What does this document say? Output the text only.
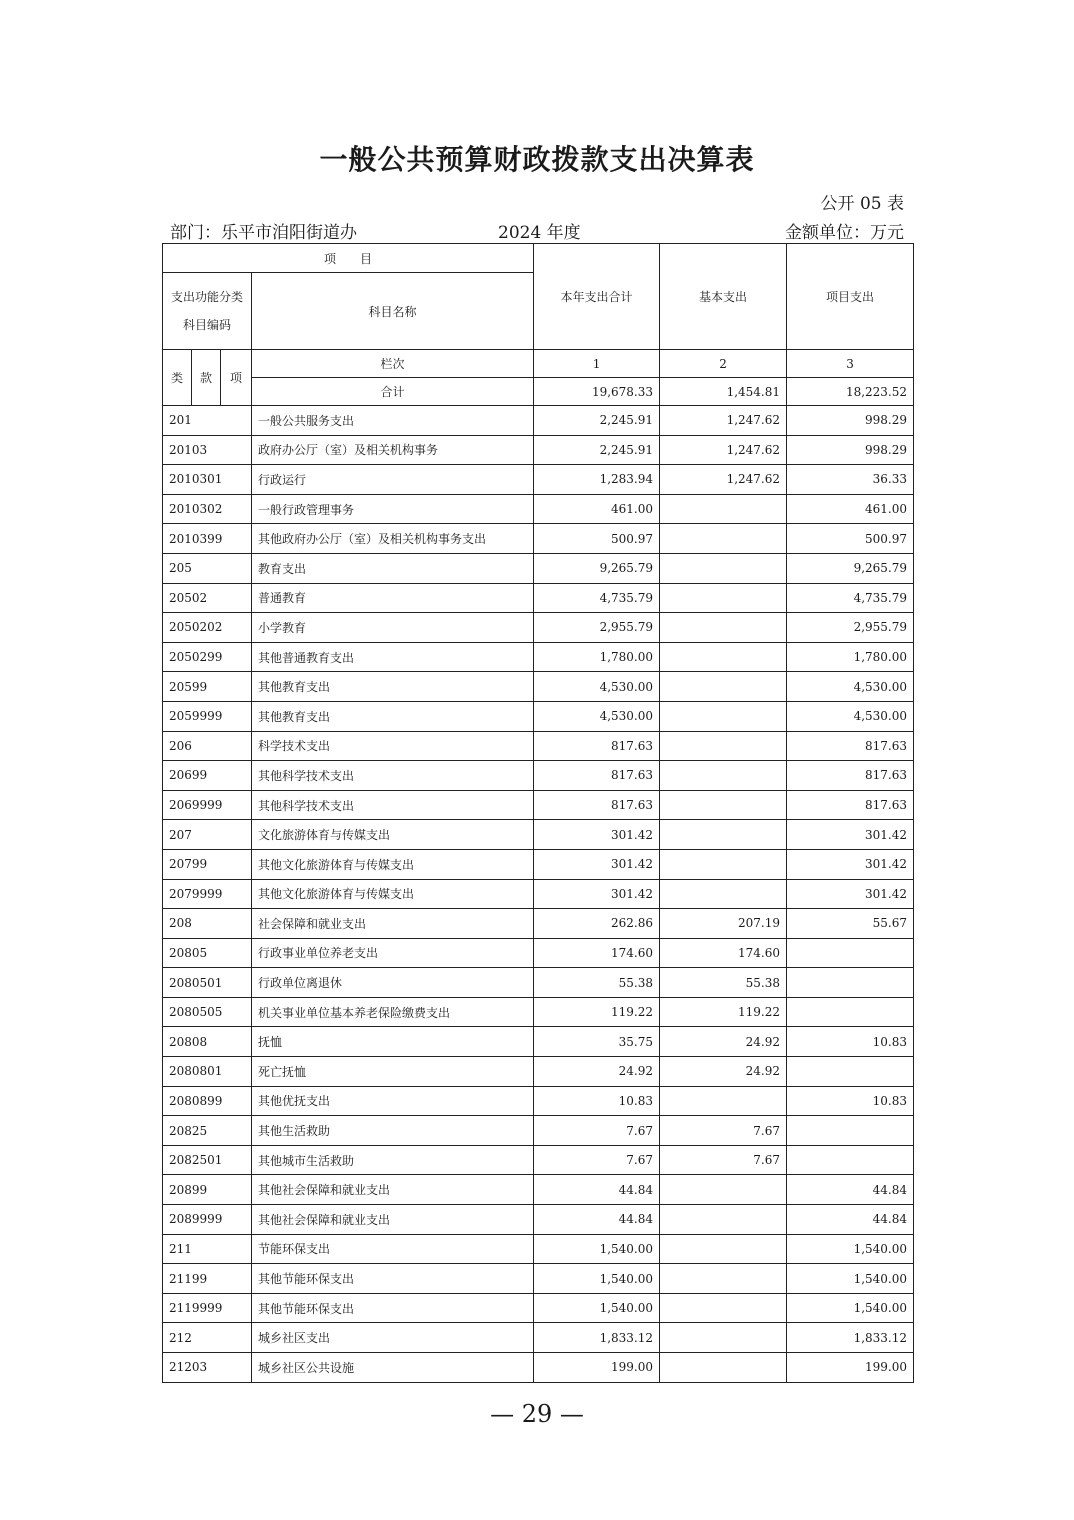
一般公共预算财政拨款支出决算表
公开 05 表
部门：乐平市洎阳街道办	2024 年度	金额单位：万元
项　　目				本年支出合计	基本支出	项目支出
支出功能分类科目编码			科目名称			
类	款	项	栏次	1	2	3
			合计	19,678.33	1,454.81	18,223.52
201			一般公共服务支出	2,245.91	1,247.62	998.29
20103			政府办公厅（室）及相关机构事务	2,245.91	1,247.62	998.29
2010301			行政运行	1,283.94	1,247.62	36.33
2010302			一般行政管理事务	461.00		461.00
2010399			其他政府办公厅（室）及相关机构事务支出	500.97		500.97
205			教育支出	9,265.79		9,265.79
20502			普通教育	4,735.79		4,735.79
2050202			小学教育	2,955.79		2,955.79
2050299			其他普通教育支出	1,780.00		1,780.00
20599			其他教育支出	4,530.00		4,530.00
2059999			其他教育支出	4,530.00		4,530.00
206			科学技术支出	817.63		817.63
20699			其他科学技术支出	817.63		817.63
2069999			其他科学技术支出	817.63		817.63
207			文化旅游体育与传媒支出	301.42		301.42
20799			其他文化旅游体育与传媒支出	301.42		301.42
2079999			其他文化旅游体育与传媒支出	301.42		301.42
208			社会保障和就业支出	262.86	207.19	55.67
20805			行政事业单位养老支出	174.60	174.60	
2080501			行政单位离退休	55.38	55.38	
2080505			机关事业单位基本养老保险缴费支出	119.22	119.22	
20808			抚恤	35.75	24.92	10.83
2080801			死亡抚恤	24.92	24.92	
2080899			其他优抚支出	10.83		10.83
20825			其他生活救助	7.67	7.67	
2082501			其他城市生活救助	7.67	7.67	
20899			其他社会保障和就业支出	44.84		44.84
2089999			其他社会保障和就业支出	44.84		44.84
211			节能环保支出	1,540.00		1,540.00
21199			其他节能环保支出	1,540.00		1,540.00
2119999			其他节能环保支出	1,540.00		1,540.00
212			城乡社区支出	1,833.12		1,833.12
21203			城乡社区公共设施	199.00		199.00
— 29 —
